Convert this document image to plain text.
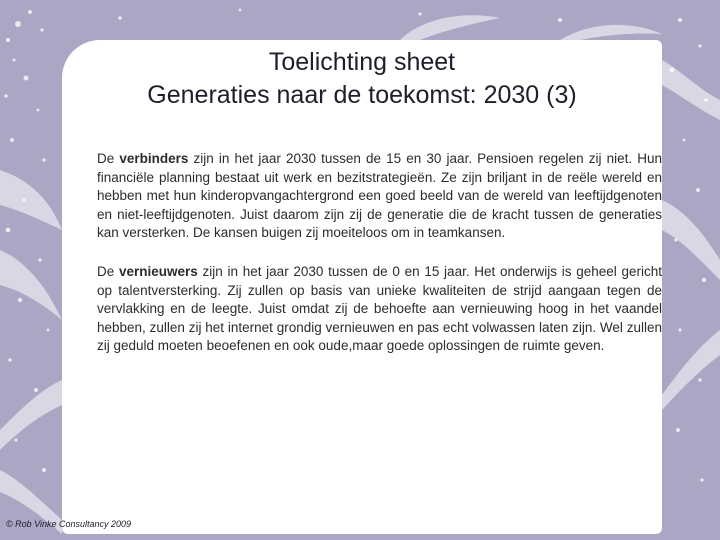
Toelichting sheet
Generaties naar de toekomst: 2030 (3)

De verbinders zijn in het jaar 2030 tussen de 15 en 30 jaar. Pensioen regelen zij niet. Hun financiële planning bestaat uit werk en bezitstrategieën. Ze zijn briljant in de reële wereld en hebben met hun kinderopvangachtergrond een goed beeld van de wereld van leeftijdgenoten en niet-leeftijdgenoten. Juist daarom zijn zij de generatie die de kracht tussen de generaties kan versterken. De kansen buigen zij moeiteloos om in teamkansen.

De vernieuwers zijn in het jaar 2030 tussen de 0 en 15 jaar. Het onderwijs is geheel gericht op talentversterking. Zij zullen op basis van unieke kwaliteiten de strijd aangaan tegen de vervlakking en de leegte. Juist omdat zij de behoefte aan vernieuwing hoog in het vaandel hebben, zullen zij het internet grondig vernieuwen en pas echt volwassen laten zijn. Wel zullen zij geduld moeten beoefenen en ook oude,maar goede oplossingen de ruimte geven.

© Rob Vinke Consultancy 2009
